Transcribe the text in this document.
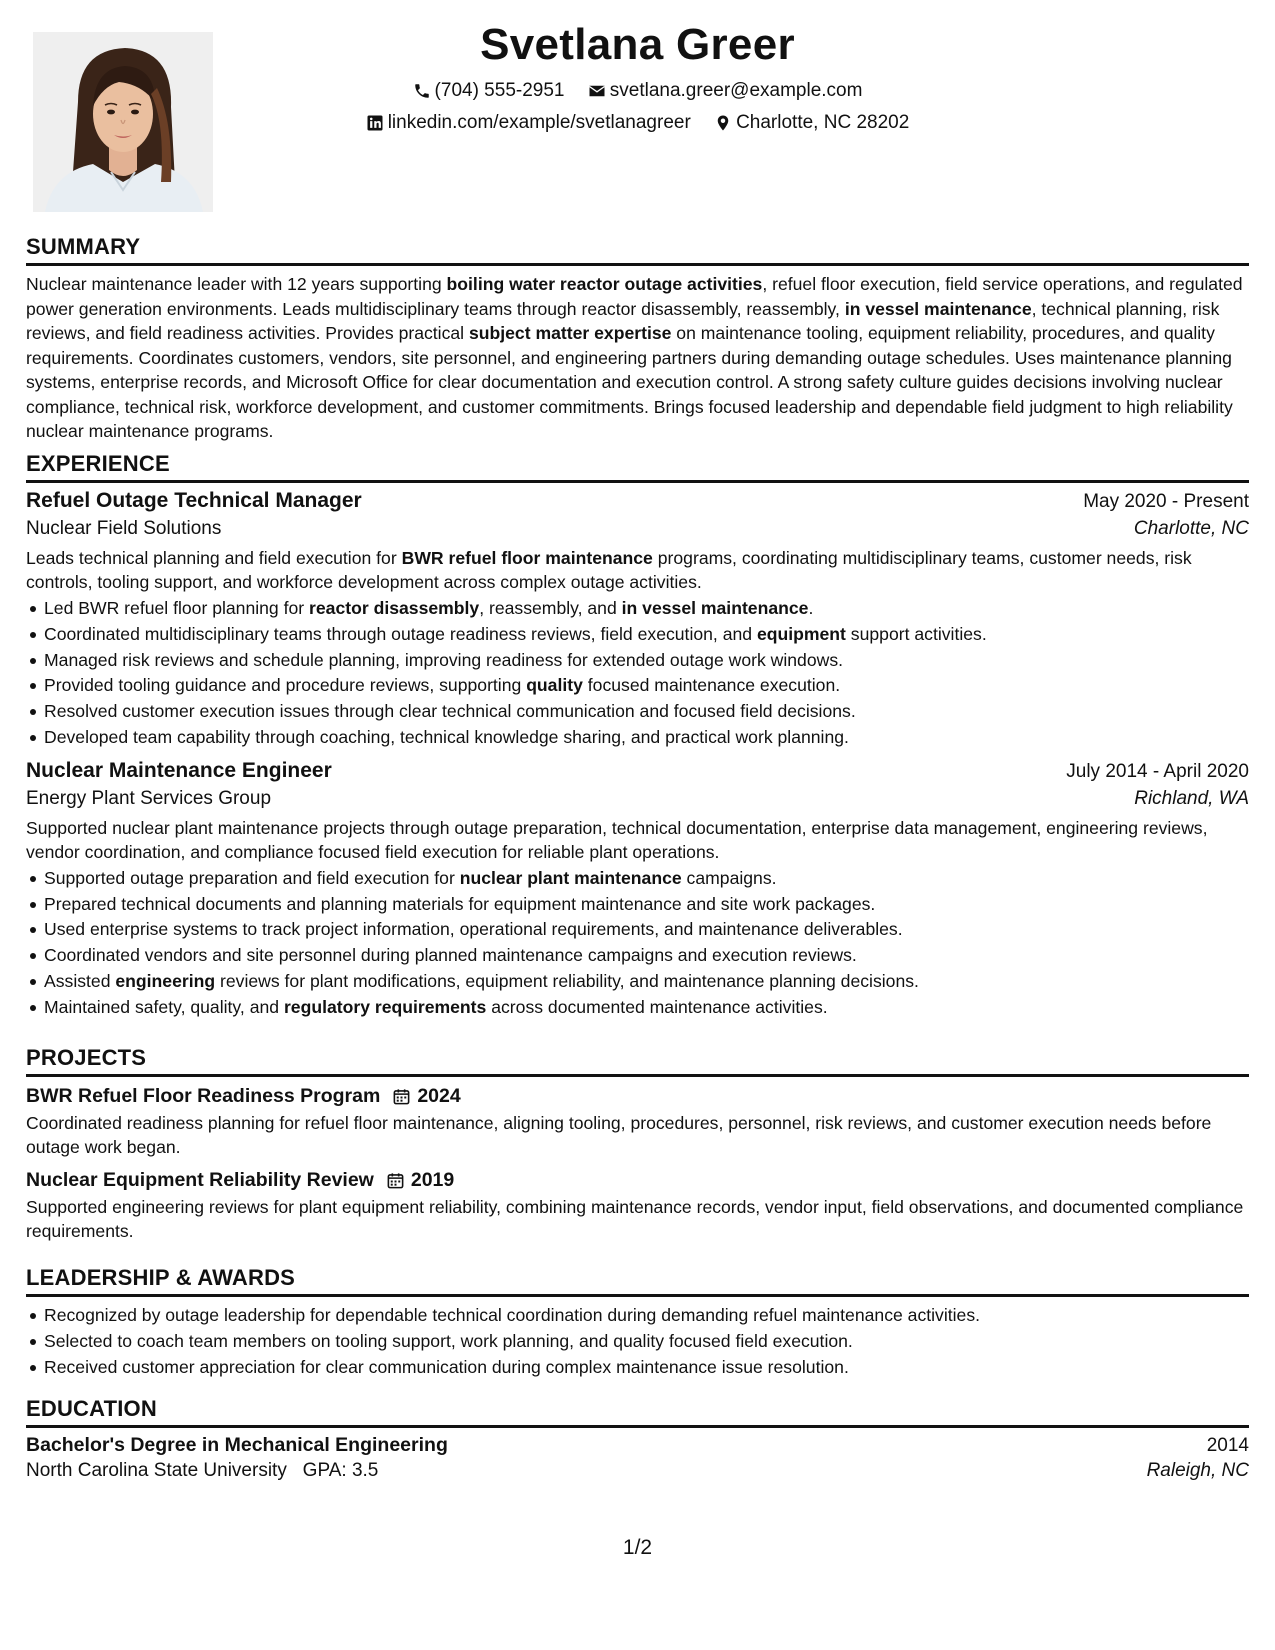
Svetlana Greer
(704) 555-2951
svetlana.greer@example.com
linkedin.com/example/svetlanagreer
Charlotte, NC 28202
SUMMARY

Nuclear maintenance leader with 12 years supporting boiling water reactor outage activities, refuel floor execution, field service operations, and regulated power generation environments. Leads multidisciplinary teams through reactor disassembly, reassembly, in vessel maintenance, technical planning, risk reviews, and field readiness activities. Provides practical subject matter expertise on maintenance tooling, equipment reliability, procedures, and quality requirements. Coordinates customers, vendors, site personnel, and engineering partners during demanding outage schedules. Uses maintenance planning systems, enterprise records, and Microsoft Office for clear documentation and execution control. A strong safety culture guides decisions involving nuclear compliance, technical risk, workforce development, and customer commitments. Brings focused leadership and dependable field judgment to high reliability nuclear maintenance programs.

EXPERIENCE
Refuel Outage Technical Manager	May 2020 - Present
Nuclear Field Solutions	Charlotte, NC

Leads technical planning and field execution for BWR refuel floor maintenance programs, coordinating multidisciplinary teams, customer needs, risk controls, tooling support, and workforce development across complex outage activities.

Led BWR refuel floor planning for reactor disassembly, reassembly, and in vessel maintenance.
Coordinated multidisciplinary teams through outage readiness reviews, field execution, and equipment support activities.
Managed risk reviews and schedule planning, improving readiness for extended outage work windows.
Provided tooling guidance and procedure reviews, supporting quality focused maintenance execution.
Resolved customer execution issues through clear technical communication and focused field decisions.
Developed team capability through coaching, technical knowledge sharing, and practical work planning.
Nuclear Maintenance Engineer	July 2014 - April 2020
Energy Plant Services Group	Richland, WA

Supported nuclear plant maintenance projects through outage preparation, technical documentation, enterprise data management, engineering reviews, vendor coordination, and compliance focused field execution for reliable plant operations.

Supported outage preparation and field execution for nuclear plant maintenance campaigns.
Prepared technical documents and planning materials for equipment maintenance and site work packages.
Used enterprise systems to track project information, operational requirements, and maintenance deliverables.
Coordinated vendors and site personnel during planned maintenance campaigns and execution reviews.
Assisted engineering reviews for plant modifications, equipment reliability, and maintenance planning decisions.
Maintained safety, quality, and regulatory requirements across documented maintenance activities.
PROJECTS
BWR Refuel Floor Readiness Program 2024

Coordinated readiness planning for refuel floor maintenance, aligning tooling, procedures, personnel, risk reviews, and customer execution needs before outage work began.

Nuclear Equipment Reliability Review 2019

Supported engineering reviews for plant equipment reliability, combining maintenance records, vendor input, field observations, and documented compliance requirements.

LEADERSHIP & AWARDS
Recognized by outage leadership for dependable technical coordination during demanding refuel maintenance activities.
Selected to coach team members on tooling support, work planning, and quality focused field execution.
Received customer appreciation for clear communication during complex maintenance issue resolution.
EDUCATION
Bachelor's Degree in Mechanical Engineering	2014
North Carolina State University GPA: 3.5	Raleigh, NC
1/2
